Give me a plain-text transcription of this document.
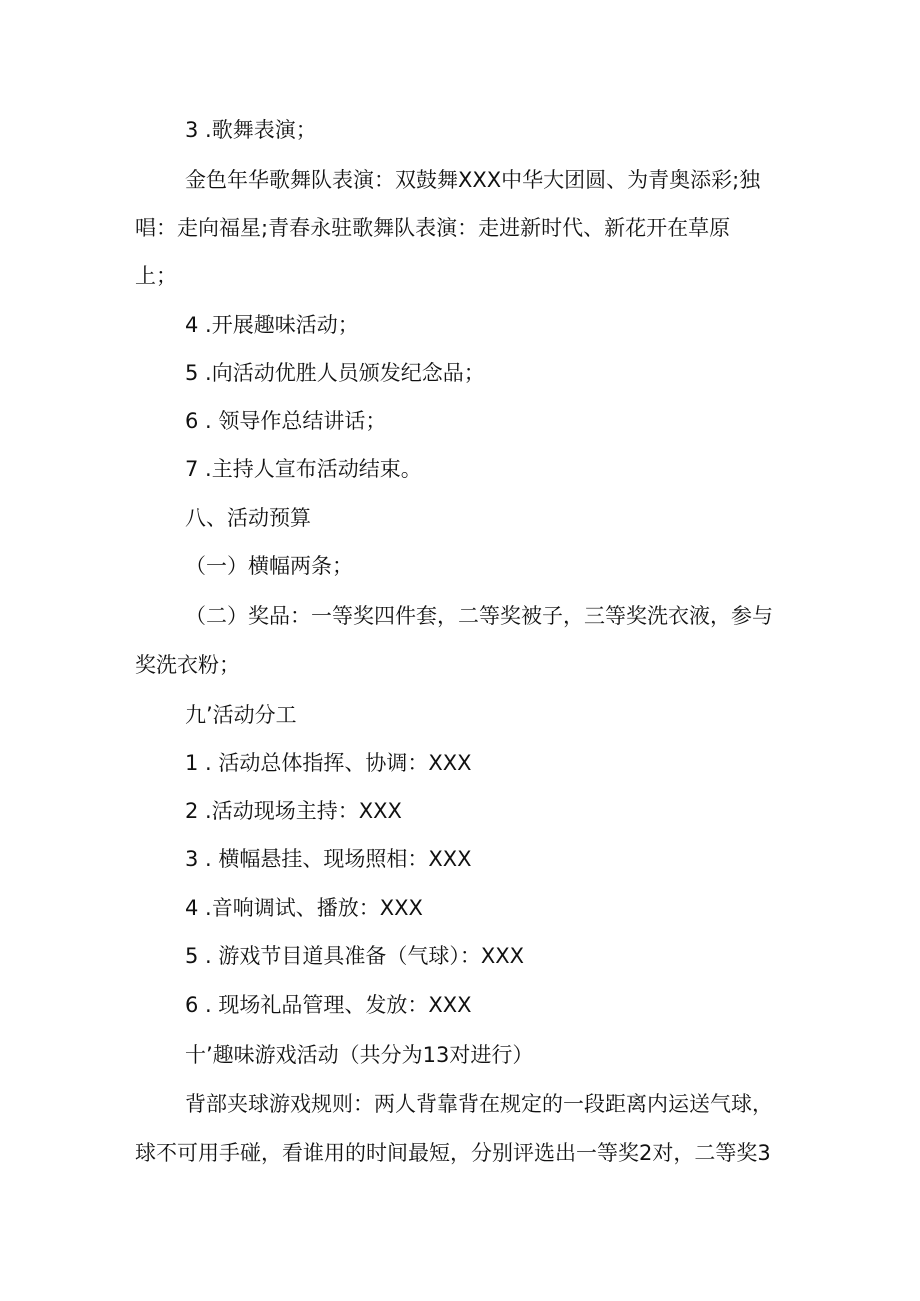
3 .歌舞表演；
金色年华歌舞队表演：双鼓舞XXX中华大团圆、为青奥添彩;独
唱：走向福星;青春永驻歌舞队表演：走进新时代、新花开在草原
上；
4 .开展趣味活动；
5 .向活动优胜人员颁发纪念品；
6 . 领导作总结讲话；
7 .主持人宣布活动结束。
八、活动预算
（一）横幅两条；
（二）奖品：一等奖四件套，二等奖被子，三等奖洗衣液，参与
奖洗衣粉；
九’活动分工
1 . 活动总体指挥、协调：XXX
2 .活动现场主持：XXX
3 . 横幅悬挂、现场照相：XXX
4 .音响调试、播放：XXX
5 . 游戏节目道具准备（气球）：XXX
6 . 现场礼品管理、发放：XXX
十’趣味游戏活动（共分为13对进行）
背部夹球游戏规则：两人背靠背在规定的一段距离内运送气球，
球不可用手碰，看谁用的时间最短，分别评选出一等奖2对，二等奖3
